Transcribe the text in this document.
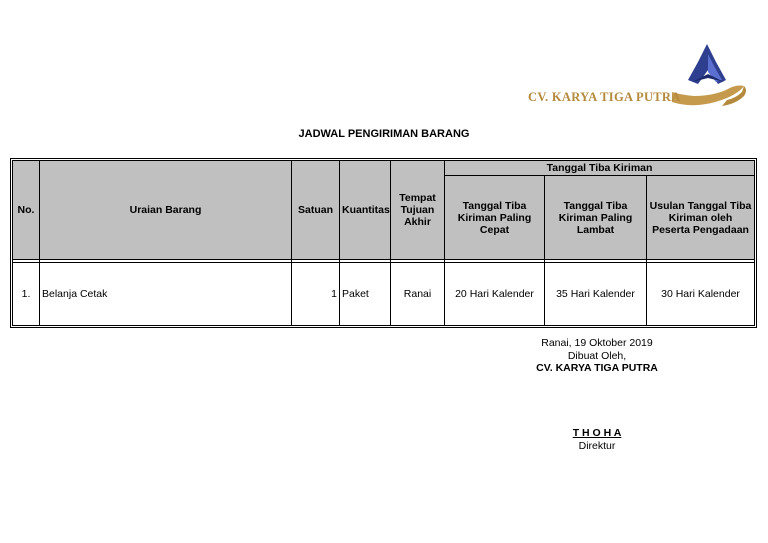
CV. KARYA TIGA PUTRA
JADWAL PENGIRIMAN BARANG
No.	Uraian Barang	Satuan	Kuantitas	Tempat Tujuan Akhir	Tanggal Tiba Kiriman		
					Tanggal Tiba Kiriman Paling Cepat	Tanggal Tiba Kiriman Paling Lambat	Usulan Tanggal Tiba Kiriman oleh Peserta Pengadaan

1.	Belanja Cetak	1	Paket	Ranai	20 Hari Kalender	35 Hari Kalender	30 Hari Kalender
Ranai, 19 Oktober 2019
Dibuat Oleh,
CV. KARYA TIGA PUTRA
T H O H A
Direktur
